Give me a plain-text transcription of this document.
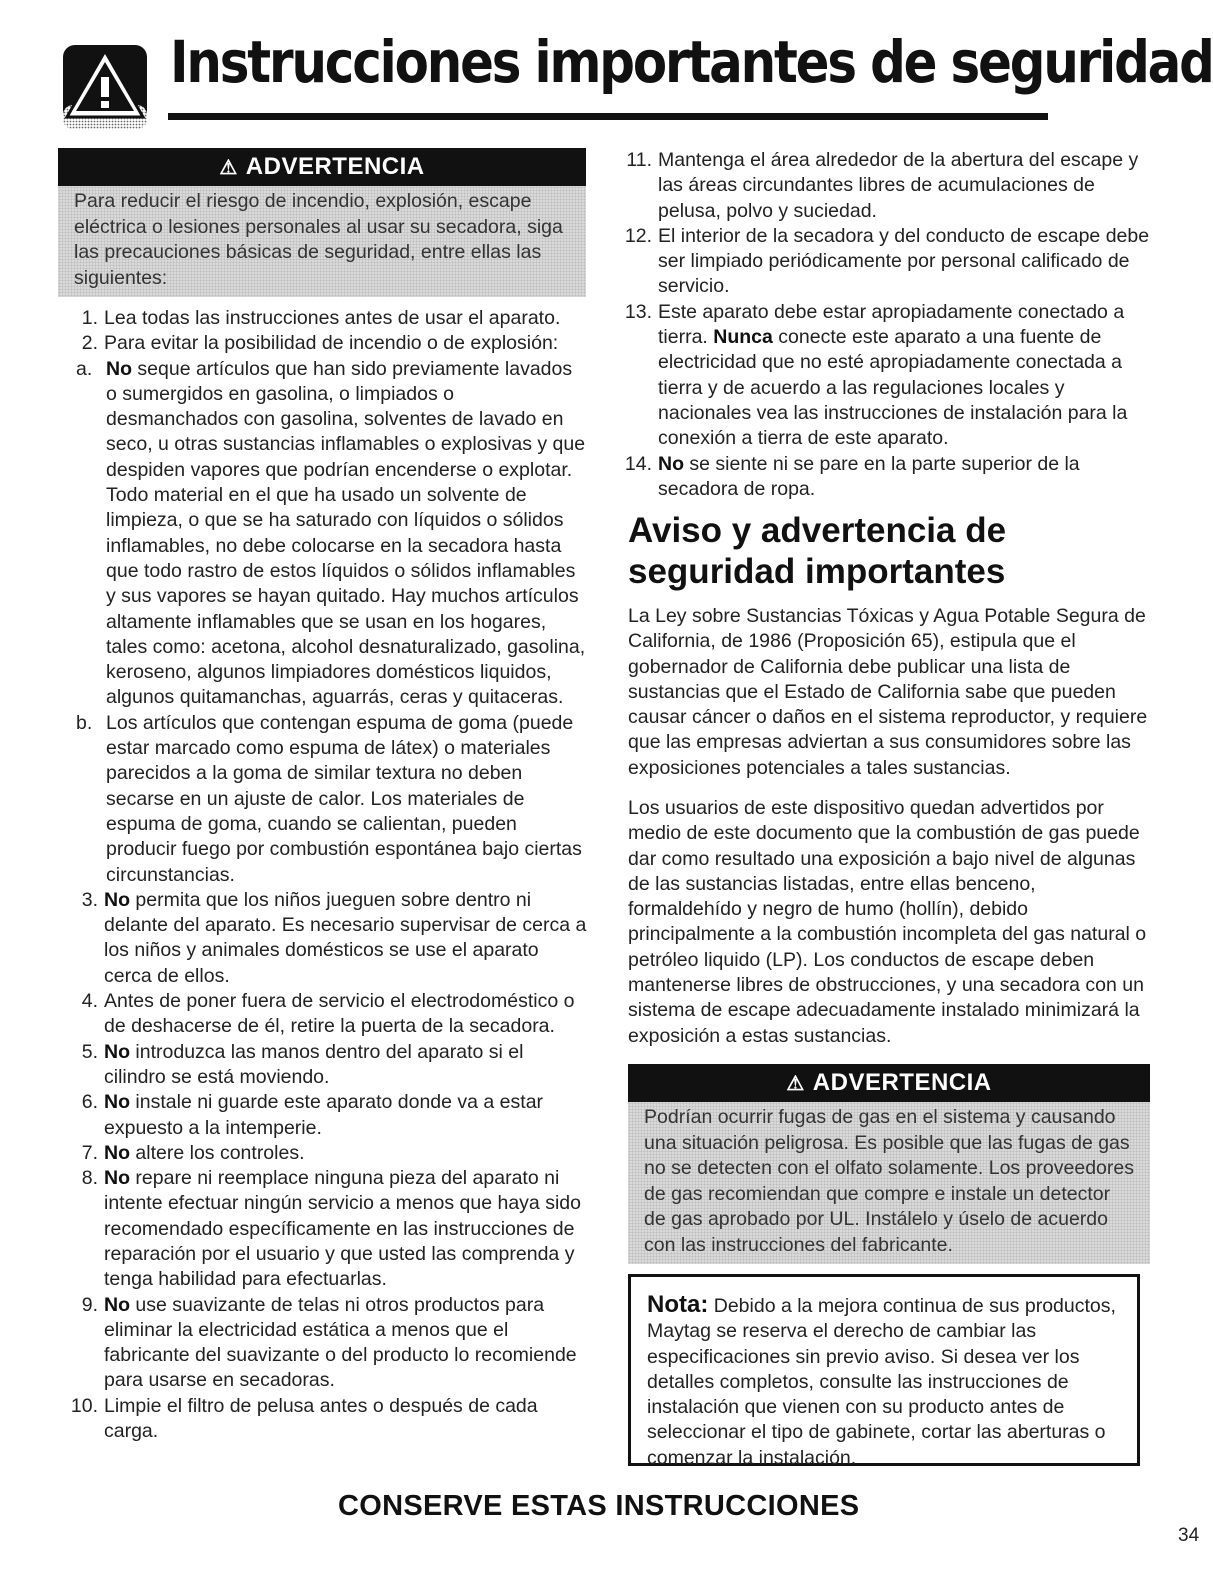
Instrucciones importantes de seguridad
⚠ ADVERTENCIA
Para reducir el riesgo de incendio, explosión, escape eléctrica o lesiones personales al usar su secadora, siga las precauciones básicas de seguridad, entre ellas las siguientes:
1. Lea todas las instrucciones antes de usar el aparato.
2. Para evitar la posibilidad de incendio o de explosión:
a. No seque artículos que han sido previamente lavados o sumergidos en gasolina, o limpiados o desmanchados con gasolina, solventes de lavado en seco, u otras sustancias inflamables o explosivas y que despiden vapores que podrían encenderse o explotar. Todo material en el que ha usado un solvente de limpieza, o que se ha saturado con líquidos o sólidos inflamables, no debe colocarse en la secadora hasta que todo rastro de estos líquidos o sólidos inflamables y sus vapores se hayan quitado. Hay muchos artículos altamente inflamables que se usan en los hogares, tales como: acetona, alcohol desnaturalizado, gasolina, keroseno, algunos limpiadores domésticos liquidos, algunos quitamanchas, aguarrás, ceras y quitaceras.
b. Los artículos que contengan espuma de goma (puede estar marcado como espuma de látex) o materiales parecidos a la goma de similar textura no deben secarse en un ajuste de calor. Los materiales de espuma de goma, cuando se calientan, pueden producir fuego por combustión espontánea bajo ciertas circunstancias.
3. No permita que los niños jueguen sobre dentro ni delante del aparato. Es necesario supervisar de cerca a los niños y animales domésticos se use el aparato cerca de ellos.
4. Antes de poner fuera de servicio el electrodoméstico o de deshacerse de él, retire la puerta de la secadora.
5. No introduzca las manos dentro del aparato si el cilindro se está moviendo.
6. No instale ni guarde este aparato donde va a estar expuesto a la intemperie.
7. No altere los controles.
8. No repare ni reemplace ninguna pieza del aparato ni intente efectuar ningún servicio a menos que haya sido recomendado específicamente en las instrucciones de reparación por el usuario y que usted las comprenda y tenga habilidad para efectuarlas.
9. No use suavizante de telas ni otros productos para eliminar la electricidad estática a menos que el fabricante del suavizante o del producto lo recomiende para usarse en secadoras.
10. Limpie el filtro de pelusa antes o después de cada carga.
11. Mantenga el área alrededor de la abertura del escape y las áreas circundantes libres de acumulaciones de pelusa, polvo y suciedad.
12. El interior de la secadora y del conducto de escape debe ser limpiado periódicamente por personal calificado de servicio.
13. Este aparato debe estar apropiadamente conectado a tierra. Nunca conecte este aparato a una fuente de electricidad que no esté apropiadamente conectada a tierra y de acuerdo a las regulaciones locales y nacionales vea las instrucciones de instalación para la conexión a tierra de este aparato.
14. No se siente ni se pare en la parte superior de la secadora de ropa.
Aviso y advertencia de seguridad importantes

La Ley sobre Sustancias Tóxicas y Agua Potable Segura de California, de 1986 (Proposición 65), estipula que el gobernador de California debe publicar una lista de sustancias que el Estado de California sabe que pueden causar cáncer o daños en el sistema reproductor, y requiere que las empresas adviertan a sus consumidores sobre las exposiciones potenciales a tales sustancias.

Los usuarios de este dispositivo quedan advertidos por medio de este documento que la combustión de gas puede dar como resultado una exposición a bajo nivel de algunas de las sustancias listadas, entre ellas benceno, formaldehído y negro de humo (hollín), debido principalmente a la combustión incompleta del gas natural o petróleo liquido (LP). Los conductos de escape deben mantenerse libres de obstrucciones, y una secadora con un sistema de escape adecuadamente instalado minimizará la exposición a estas sustancias.

⚠ ADVERTENCIA
Podrían ocurrir fugas de gas en el sistema y causando una situación peligrosa. Es posible que las fugas de gas no se detecten con el olfato solamente. Los proveedores de gas recomiendan que compre e instale un detector de gas aprobado por UL. Instálelo y úselo de acuerdo con las instrucciones del fabricante.
Nota: Debido a la mejora continua de sus productos, Maytag se reserva el derecho de cambiar las especificaciones sin previo aviso. Si desea ver los detalles completos, consulte las instrucciones de instalación que vienen con su producto antes de seleccionar el tipo de gabinete, cortar las aberturas o comenzar la instalación.
CONSERVE ESTAS INSTRUCCIONES
34
